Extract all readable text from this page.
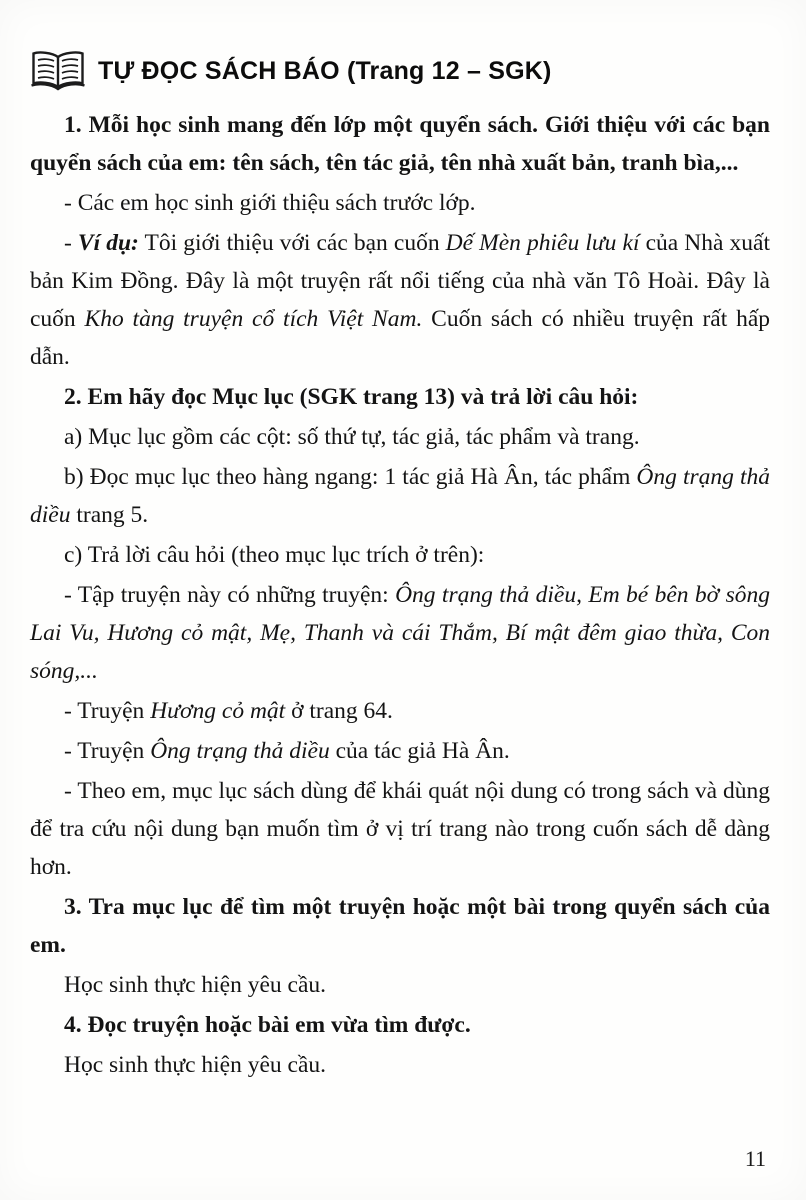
TỰ ĐỌC SÁCH BÁO (Trang 12 – SGK)

1. Mỗi học sinh mang đến lớp một quyển sách. Giới thiệu với các bạn quyển sách của em: tên sách, tên tác giả, tên nhà xuất bản, tranh bìa,...

- Các em học sinh giới thiệu sách trước lớp.

- Ví dụ: Tôi giới thiệu với các bạn cuốn Dế Mèn phiêu lưu kí của Nhà xuất bản Kim Đồng. Đây là một truyện rất nổi tiếng của nhà văn Tô Hoài. Đây là cuốn Kho tàng truyện cổ tích Việt Nam. Cuốn sách có nhiều truyện rất hấp dẫn.

2. Em hãy đọc Mục lục (SGK trang 13) và trả lời câu hỏi:

a) Mục lục gồm các cột: số thứ tự, tác giả, tác phẩm và trang.

b) Đọc mục lục theo hàng ngang: 1 tác giả Hà Ân, tác phẩm Ông trạng thả diều trang 5.

c) Trả lời câu hỏi (theo mục lục trích ở trên):

- Tập truyện này có những truyện: Ông trạng thả diều, Em bé bên bờ sông Lai Vu, Hương cỏ mật, Mẹ, Thanh và cái Thắm, Bí mật đêm giao thừa, Con sóng,...

- Truyện Hương cỏ mật ở trang 64.

- Truyện Ông trạng thả diều của tác giả Hà Ân.

- Theo em, mục lục sách dùng để khái quát nội dung có trong sách và dùng để tra cứu nội dung bạn muốn tìm ở vị trí trang nào trong cuốn sách dễ dàng hơn.

3. Tra mục lục để tìm một truyện hoặc một bài trong quyển sách của em.

Học sinh thực hiện yêu cầu.

4. Đọc truyện hoặc bài em vừa tìm được.

Học sinh thực hiện yêu cầu.

11
